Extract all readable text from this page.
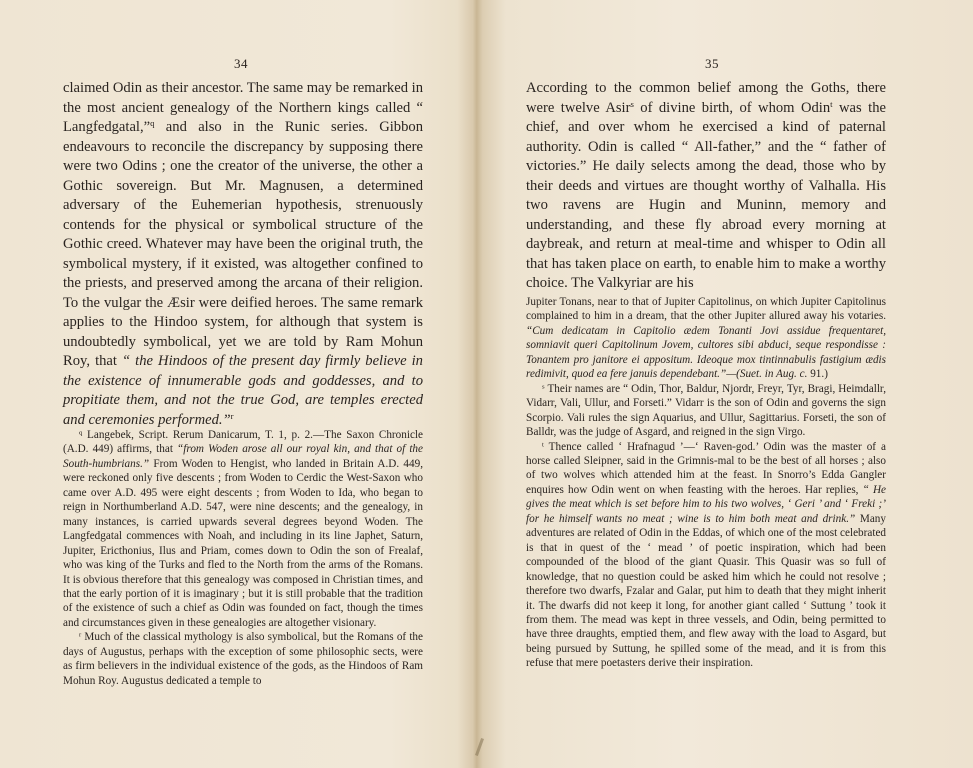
34

claimed Odin as their ancestor. The same may be remarked in the most ancient genealogy of the Northern kings called “ Langfedgatal,”$^q$ and also in the Runic series. Gibbon endeavours to reconcile the discrepancy by supposing there were two Odins ; one the creator of the universe, the other a Gothic sovereign. But Mr. Magnusen, a determined adversary of the Euhemerian hypothesis, strenuously contends for the physical or symbolical structure of the Gothic creed. Whatever may have been the original truth, the symbolical mystery, if it existed, was altogether confined to the priests, and preserved among the arcana of their religion. To the vulgar the Æsir were deified heroes. The same remark applies to the Hindoo system, for although that system is undoubtedly symbolical, yet we are told by Ram Mohun Roy, that “ the Hindoos of the present day firmly believe in the existence of innumerable gods and goddesses, and to propitiate them, and not the true God, are temples erected and ceremonies performed.”$^r$

$^q$ Langebek, Script. Rerum Danicarum, T. 1, p. 2.—The Saxon Chronicle (A.D. 449) affirms, that “from Woden arose all our royal kin, and that of the South-humbrians.” From Woden to Hengist, who landed in Britain A.D. 449, were reckoned only five descents ; from Woden to Cerdic the West-Saxon who came over A.D. 495 were eight descents ; from Woden to Ida, who began to reign in Northumberland A.D. 547, were nine descents; and the genealogy, in many instances, is carried upwards several degrees beyond Woden. The Langfedgatal commences with Noah, and including in its line Japhet, Saturn, Jupiter, Ericthonius, Ilus and Priam, comes down to Odin the son of Frealaf, who was king of the Turks and fled to the North from the arms of the Romans. It is obvious therefore that this genealogy was composed in Christian times, and that the early portion of it is imaginary ; but it is still probable that the tradition of the existence of such a chief as Odin was founded on fact, though the times and circumstances given in these genealogies are altogether visionary.

$^r$ Much of the classical mythology is also symbolical, but the Romans of the days of Augustus, perhaps with the exception of some philosophic sects, were as firm believers in the individual existence of the gods, as the Hindoos of Ram Mohun Roy. Augustus dedicated a temple to

35

According to the common belief among the Goths, there were twelve Asir$^s$ of divine birth, of whom Odin$^t$ was the chief, and over whom he exercised a kind of paternal authority. Odin is called “ All-father,” and the “ father of victories.” He daily selects among the dead, those who by their deeds and virtues are thought worthy of Valhalla. His two ravens are Hugin and Muninn, memory and understanding, and these fly abroad every morning at daybreak, and return at meal-time and whisper to Odin all that has taken place on earth, to enable him to make a worthy choice. The Valkyriar are his

Jupiter Tonans, near to that of Jupiter Capitolinus, on which Jupiter Capitolinus complained to him in a dream, that the other Jupiter allured away his votaries. “Cum dedicatam in Capitolio ædem Tonanti Jovi assidue frequentaret, somniavit queri Capitolinum Jovem, cultores sibi abduci, seque respondisse : Tonantem pro janitore ei appositum. Ideoque mox tintinnabulis fastigium ædis redimivit, quod ea fere januis dependebant.”—(Suet. in Aug. c. 91.)

$^s$ Their names are “ Odin, Thor, Baldur, Njordr, Freyr, Tyr, Bragi, Heimdallr, Vidarr, Vali, Ullur, and Forseti.” Vidarr is the son of Odin and governs the sign Scorpio. Vali rules the sign Aquarius, and Ullur, Sagittarius. Forseti, the son of Balldr, was the judge of Asgard, and reigned in the sign Virgo.

$^t$ Thence called ‘ Hrafnagud ’—‘ Raven-god.’ Odin was the master of a horse called Sleipner, said in the Grimnis-mal to be the best of all horses ; also of two wolves which attended him at the feast. In Snorro’s Edda Gangler enquires how Odin went on when feasting with the heroes. Har replies, “ He gives the meat which is set before him to his two wolves, ‘ Geri ’ and ‘ Freki ;’ for he himself wants no meat ; wine is to him both meat and drink.” Many adventures are related of Odin in the Eddas, of which one of the most celebrated is that in quest of the ‘ mead ’ of poetic inspiration, which had been compounded of the blood of the giant Quasir. This Quasir was so full of knowledge, that no question could be asked him which he could not resolve ; therefore two dwarfs, Fzalar and Galar, put him to death that they might inherit it. The dwarfs did not keep it long, for another giant called ‘ Suttung ’ took it from them. The mead was kept in three vessels, and Odin, being permitted to have three draughts, emptied them, and flew away with the load to Asgard, but being pursued by Suttung, he spilled some of the mead, and it is from this refuse that mere poetasters derive their inspiration.
